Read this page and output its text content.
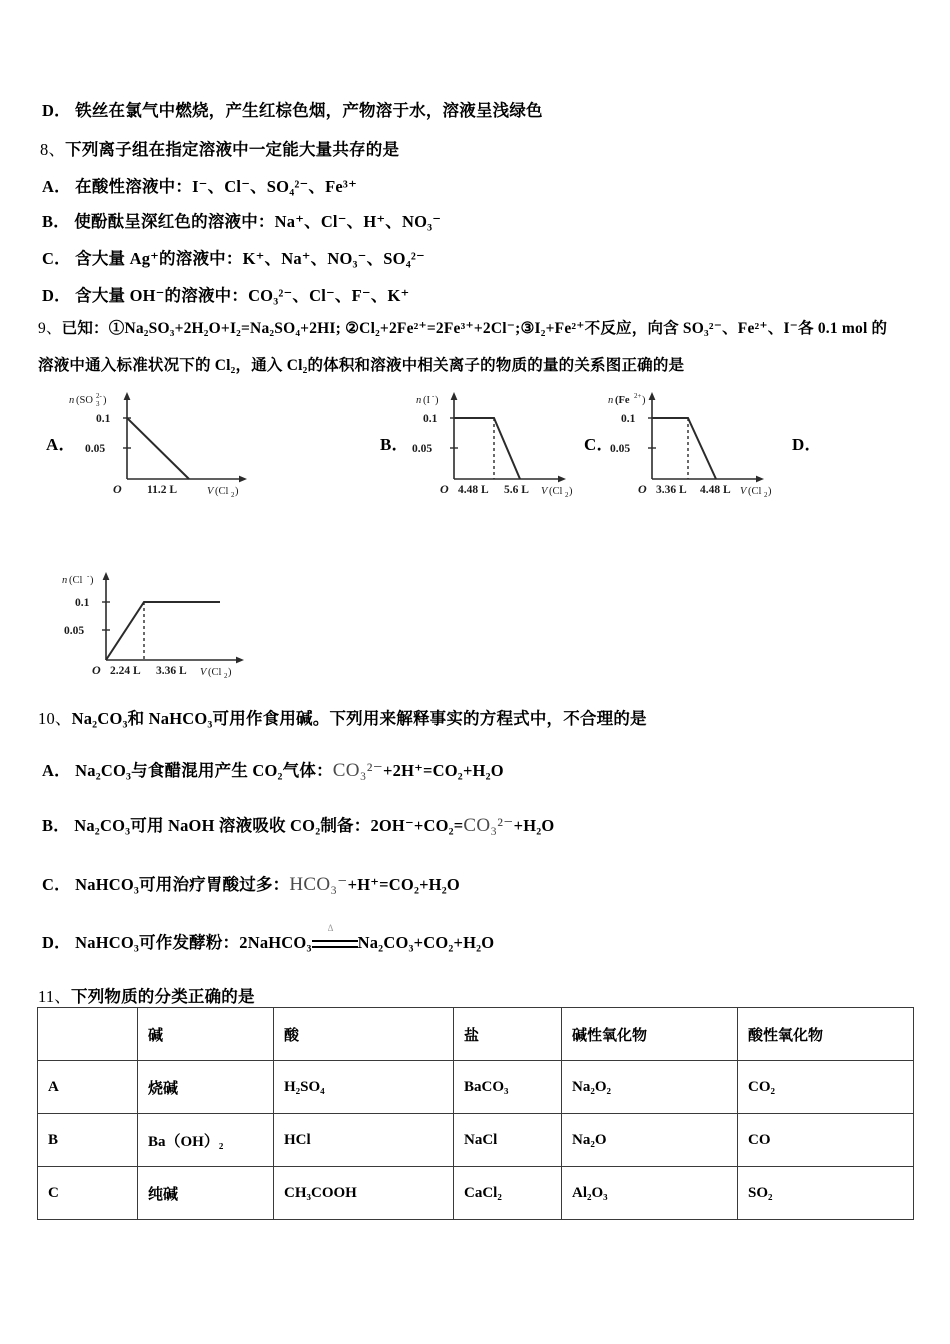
D． 铁丝在氯气中燃烧，产生红棕色烟，产物溶于水，溶液呈浅绿色
8、下列离子组在指定溶液中一定能大量共存的是
A． 在酸性溶液中：I⁻、Cl⁻、SO₄²⁻、Fe³⁺
B． 使酚酞呈深红色的溶液中：Na⁺、Cl⁻、H⁺、NO₃⁻
C． 含大量 Ag⁺的溶液中：K⁺、Na⁺、NO₃⁻、SO₄²⁻
D． 含大量 OH⁻的溶液中：CO₃²⁻、Cl⁻、F⁻、K⁺
9、已知：①Na₂SO₃+2H₂O+I₂=Na₂SO₄+2HI; ②Cl₂+2Fe²⁺=2Fe³⁺+2Cl⁻;③I₂+Fe²⁺不反应，向含 SO₃²⁻、Fe²⁺、I⁻各 0.1 mol 的
溶液中通入标准状况下的 Cl₂，通入 Cl₂的体积和溶液中相关离子的物质的量的关系图正确的是
A．	B．	C．	D．
n (SO 3
2- )
0.1
0.05
O 11.2 L	V (Cl 2 )
n (I - )
0.1
0.05
O 4.48 L 5.6 L V (Cl 2 )
n (Fe 2+ )
0.1
0.05
O 3.36 L 4.48 L V (Cl 2 )
n (Cl - )
0.1
0.05
O 2.24 L 3.36 L V (Cl 2 )
10、Na₂CO₃和 NaHCO₃可用作食用碱。下列用来解释事实的方程式中，不合理的是
A． Na₂CO₃与食醋混用产生 CO₂气体：CO₃²⁻+2H⁺=CO₂+H₂O
B． Na₂CO₃可用 NaOH 溶液吸收 CO₂制备：2OH⁻+CO₂=CO₃²⁻+H₂O
C． NaHCO₃可用治疗胃酸过多：HCO₃⁻+H⁺=CO₂+H₂O
D． NaHCO₃可作发酵粉：2NaHCO₃
Δ
Na₂CO₃+CO₂+H₂O
11、下列物质的分类正确的是
	碱	酸	盐	碱性氧化物	酸性氧化物
A	烧碱	H₂SO₄	BaCO₃	Na₂O₂	CO₂
B	Ba（OH）₂	HCl	NaCl	Na₂O	CO
C	纯碱	CH₃COOH	CaCl₂	Al₂O₃	SO₂
